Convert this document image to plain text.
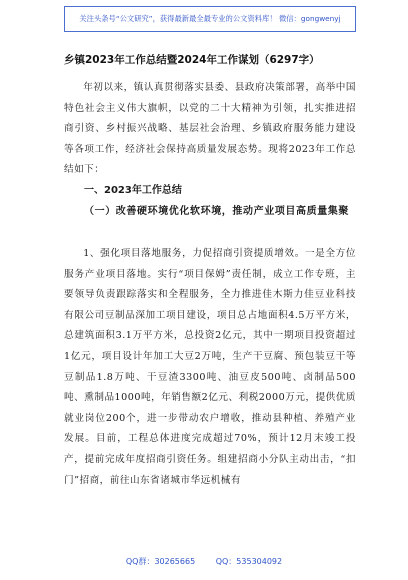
关注头条号“公文研究”，获得最新最全最专业的公文资料库！ 微信：gongwenyj
乡镇2023年工作总结暨2024年工作谋划（6297字）
年初以来，镇认真贯彻落实县委、县政府决策部署，高举中国特色社会主义伟大旗帜，以党的二十大精神为引领，扎实推进招商引资、乡村振兴战略、基层社会治理、乡镇政府服务能力建设等各项工作，经济社会保持高质量发展态势。现将2023年工作总结如下：
一、2023年工作总结
（一）改善硬环境优化软环境，推动产业项目高质量集聚
1、强化项目落地服务，力促招商引资提质增效。一是全方位服务产业项目落地。实行“项目保姆”责任制，成立工作专班，主要领导负责跟踪落实和全程服务，全力推进佳木斯力佳豆业科技有限公司豆制品深加工项目建设，项目总占地面积4.5万平方米，总建筑面积3.1万平方米，总投资2亿元，其中一期项目投资超过1亿元，项目设计年加工大豆2万吨，生产干豆腐、预包装豆干等豆制品1.8万吨、干豆渣3300吨、油豆皮500吨、卤制品500吨、熏制品1000吨，年销售额2亿元、利税2000万元，提供优质就业岗位200个，进一步带动农户增收，推动县种植、养殖产业发展。目前，工程总体进度完成超过70%，预计12月末竣工投产，提前完成年度招商引资任务。组建招商小分队主动出击，“扣门”招商，前往山东省诸城市华远机械有
QQ群：30265665 QQ：535304092
